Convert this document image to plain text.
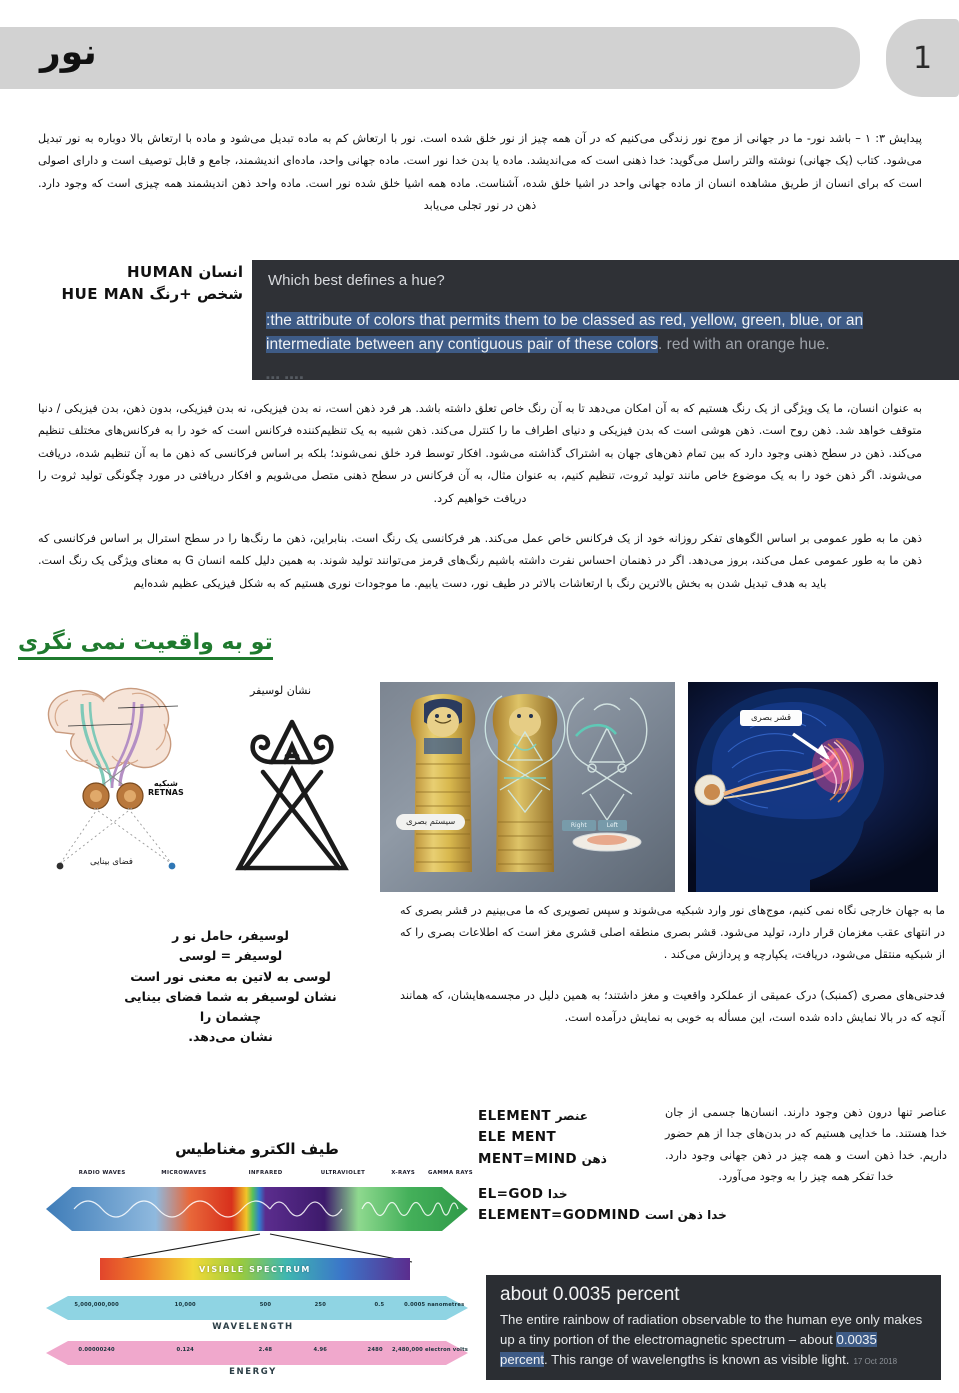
نور	1
پیدایش ۳: ۱ – باشد نور- ما در جهانی از موج نور زندگی می‌کنیم که در آن همه چیز از نور خلق شده است. نور با ارتعاش کم به ماده تبدیل می‌شود و ماده با ارتعاش بالا دوباره به نور تبدیل می‌شود. کتاب (یک جهانی) نوشته والتر راسل می‌گوید: خدا ذهنی است که می‌اندیشد. ماده یا بدن خدا نور است. ماده جهانی واحد، ماده‌ای اندیشمند، جامع و قابل توصیف است و دارای اصولی است که برای انسان از طریق مشاهده انسان از ماده جهانی واحد در اشیا خلق شده، آشناست. ماده همه اشیا خلق شده نور است. ماده واحد ذهن اندیشمند همه چیزی است که وجود دارد. ذهن در نور تجلی می‌یابد
انسان HUMAN
شخص +رنگ HUE MAN
Which best defines a hue?
:the attribute of colors that permits them to be classed as red, yellow, green, blue, or an
intermediate between any contiguous pair of these colors. red with an orange hue.
▪▪▪ ▪▪▪▪
به عنوان انسان، ما یک ویژگی از یک رنگ هستیم که به آن امکان می‌دهد تا به آن رنگ خاص تعلق داشته باشد. هر فرد ذهن است، نه بدن فیزیکی، نه بدن فیزیکی، بدون ذهن، بدن فیزیکی / دنیا متوقف خواهد شد. ذهن روح است. ذهن هوشی است که بدن فیزیکی و دنیای اطراف ما را کنترل می‌کند. ذهن شبیه به یک تنظیم‌کننده فرکانس است که خود را به فرکانس‌های مختلف تنظیم می‌کند. ذهن در سطح ذهنی وجود دارد که بین تمام ذهن‌های جهان به اشتراک گذاشته می‌شود. افکار توسط فرد خلق نمی‌شوند؛ بلکه بر اساس فرکانسی که ذهن ما به آن تنظیم شده، دریافت می‌شوند. اگر ذهن خود را به یک موضوع خاص مانند تولید ثروت، تنظیم کنیم، به عنوان مثال، به آن فرکانس در سطح ذهنی متصل می‌شویم و افکار دریافتی در مورد چگونگی تولید ثروت را دریافت خواهیم کرد.
ذهن ما به طور عمومی بر اساس الگوهای تفکر روزانه خود از یک فرکانس خاص عمل می‌کند. هر فرکانسی یک رنگ است. بنابراین، ذهن ما رنگ‌ها را در سطح استرال بر اساس فرکانسی که ذهن ما به طور عمومی عمل می‌کند، بروز می‌دهد. اگر در ذهنمان احساس نفرت داشته باشیم رنگ‌های قرمز می‌توانند تولید شوند. به همین دلیل کلمه انسان G به معنای ویژگی یک رنگ است. باید به هدف تبدیل شدن به بخش بالاترین رنگ با ارتعاشات بالاتر در طیف نور، دست یابیم. ما موجودات نوری هستیم که به شکل فیزیکی عظیم شده‌ایم
تو به واقعیت نمی نگری
شبکیه
RETNAS
فضای بینایی
نشان لوسیفر
Right	Left
سیستم بصری
قشر بصری
لوسیفر، حامل نو ر
لوسیفر = لوسی
لوسی به لاتین به معنی نور است
نشان لوسیفر به شما فضای بینایی چشمان را
نشان می‌دهد.
ما به جهان خارجی نگاه نمی کنیم، موج‌های نور وارد شبکیه می‌شوند و سپس تصویری که ما می‌بینیم در قشر بصری که در انتهای عقب مغزمان قرار دارد، تولید می‌شود. قشر بصری منطقه اصلی قشری مغز است که اطلاعات بصری را که از شبکیه منتقل می‌شود، دریافت، یکپارچه و پردازش می‌کند .
فدحنی‌های مصری (کمنبک) درک عمیقی از عملکرد واقعیت و مغز داشتند؛ به همین دلیل در مجسمه‌هایشان، که همانند آنچه که در بالا نمایش داده شده است، این مسأله به خوبی به نمایش درآمده است.
طیف الکترو مغناطیس
RADIO WAVES	MICROWAVES	INFRARED	ULTRAVIOLET	X-RAYS GAMMA RAYS
VISIBLE SPECTRUM
5,000,000,000	10,000	500	250	0.5	0.0005 nanometres
WAVELENGTH
0.00000240	0.124	2.48	4.96	2480 2,480,000 electron volts
ENERGY
ELEMENT عنصر
ELE MENT
MENT=MIND ذهن
EL=GOD خدا
ELEMENT=GODMIND خدا ذهن است
عناصر تنها درون ذهن وجود دارند. انسان‌ها جسمی از جان خدا هستند. ما خدایی هستیم که در بدن‌های جدا از هم حضور داریم. خدا ذهن است و همه چیز در ذهن جهانی وجود دارد. خدا تفکر همه چیز را به وجود می‌آورد.
about 0.0035 percent
The entire rainbow of radiation observable to the human eye only makes up a tiny portion of the electromagnetic spectrum – about 0.0035 percent. This range of wavelengths is known as visible light. 17 Oct 2018
